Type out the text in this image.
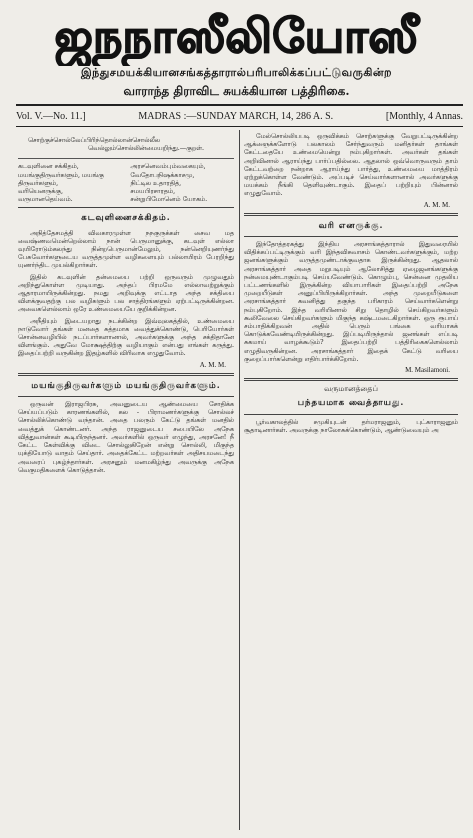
ஜநநாஸீலியோஸீ
இந்துசமயக்கியானசங்கத்தாரால்பரிபாலிக்கப்பட்டுவருகின்ற
வாராந்த திராவிட சுயக்கியான பத்திரிகை.
Vol. V.—No. 11.]	MADRAS :—SUNDAY MARCH, 14, 286 A. S.	[Monthly, 4 Annas.

சொற்குச்சொல்லேப்பிரிந்தொல்லான்சொல்லீல

வெல்லும்சொல்லின்மையறிந்து.—குறள்.

கடவுளினை சக்கிதம்,
மயங்குதிருவர்களும், மயங்கு
திருவர்களும்,
வரியெனருக்கு,
வருமானதெய்வம்.
அரசனெவம்பும்வகையும்,
வேதோபநிஷக்காசமு,
நிட்டில உதாரதித்,
சமயபிரசாரதம்,
சன்றுபிமோனெம் யோகம்.
கடவுளினைசக்கிதம்.

அநித்தேசமத்தி விவகாரமுள்ள நநகுருக்கள் சைவ மத வைஷ்ணவமென்றெல்லாம் நான் பெருமானுக்கு, கடவுள் எல்லா வுயிரோடும்கலந்து நின்றபெருமான்மேலும், நன்னெறியுணர்ந்து பேசுவோர்களுடைய வருத்தமுள்ள வழிகளையும் பல்லாயிரம் பேரறிந்து யுணர்ந்திட முயல்கிறார்கள்.

இதில் கடவுளின் தன்மையை பற்றி ஒருவரும் முழுவதும் அறிந்துகொள்ள முடியாது. அந்தப் பிரமமே எல்லாவற்றுக்கும் ஆதாரமாயிருக்கின்றது. நமது அறிவுக்கு எட்டாத அந்த சக்தியை விளக்குவதற்கு பல வழிகளும் பல சாத்திரங்களும் ஏற்பட்டிருக்கின்றன. அவைகளெல்லாம் ஒரே உண்மையையே குறிக்கின்றன.

அநீதியும் இடையறாது நடக்கின்ற இவ்வுலகத்தில், உண்மையை நாடுவோர் தங்கள் மனதை சுத்தமாக வைத்துக்கொண்டு, பெரியோர்கள் சொன்னவழியில் நடப்பார்களானால், அவர்களுக்கு அந்த சக்திதானே விளங்கும். அதுவே மோக்ஷத்திற்கு வழியாகும் என்பது எங்கள் கருத்து. இதைப்பற்றி வருகின்ற இதழ்களில் விரிவாக எழுதுவோம்.

A. M. M.
மயங்குதிருவர்களும் மயங்குதிருவர்களும்.

ஒருவன் இராஜபிரசு, அவனுடைய ஆண்மையை சோதிக்க செய்யப்படும் காரணங்களில், கல - பிராமணர்களுக்கு சொல்லச் சொல்லிக்கொண்டு வந்தான். அதை பலரும் கேட்டு தங்கள் மனதில் வைத்துக் கொண்டனர். அந்த ராஜனுடைய சபையிலே அநேக வித்துவான்கள் கூடியிருந்தனர். அவர்களில் ஒருவர் எழுந்து, அரசனே! நீ கேட்ட கேள்விக்கு விடை சொல்லுகிறேன் என்று சொல்லி, மிகுந்த யுக்தியோடு வாதம் செய்தார். அதைக்கேட்ட மற்றவர்கள் அதிசயமடைந்து அவரைப் புகழ்ந்தார்கள். அரசனும் மனமகிழ்ந்து அவருக்கு அநேக வெகுமதிகளைக் கொடுத்தான்.

மேல்சொல்லியபடி ஒருவிக்கம் சொற்களுக்கு வேறுபட்டிருக்கின்ற ஆக்ஞைக்களோடு பலகாலம் சேர்ந்துவரும் மனிதர்கள் தாங்கள் கேட்டதையே உண்மையென்று நம்புகிறார்கள். அவர்கள் தங்கள் அறிவினால் ஆராய்ந்து பார்ப்பதில்லை. ஆதலால் ஒவ்வொருவரும் தாம் கேட்டவற்றை நன்றாக ஆராய்ந்து பார்த்து, உண்மையை மாத்திரம் ஏற்றுக்கொள்ள வேண்டும். அப்படிச் செய்வார்களானால் அவர்களுக்கு மயக்கம் நீங்கி தெளிவுண்டாகும். இதைப் பற்றியும் பின்னால் எழுதுவோம்.

A. M. M.
வரி எனருக்கு.

இந்தோத்தரகத்து இந்திய அரசாங்கத்தாரால் இதுவரையில் விதிக்கப்பட்டிருக்கும் வரி இந்தவிசுவாசம் கொண்டவர்களுக்கும், மற்ற ஜனங்களுக்கும் வருத்தமுண்டாக்குவதாக இருக்கின்றது. ஆதலால் அரசாங்கத்தார் அதை மறுபடியும் ஆலோசித்து ஏழைஜனங்களுக்கு நன்மையுண்டாகும்படி செய்யவேண்டும். கொழும்பு, சென்னை முதலிய பட்டணங்களில் இருக்கின்ற வியாபாரிகள் இதைப்பற்றி அநேக முறையீடுகள் அனுப்பியிருக்கிறார்கள். அந்த முறையீடுகளை அரசாங்கத்தார் கவனித்து தகுந்த பரிகாரம் செய்வார்களென்று நம்புகிறோம். இந்த வரியினால் சிறு தொழில் செய்கிறவர்களும் கூலிவேலை செய்கிறவர்களும் மிகுந்த கஷ்டமடைகிறார்கள். ஒரு ரூபாய் சம்பாதிக்கிறவன் அதில் பெரும் பங்கை வரியாகக் கொடுக்கவேண்டியிருக்கின்றது. இப்படியிருந்தால் ஜனங்கள் எப்படி சுகமாய் வாழக்கூடும்? இதைப்பற்றி பத்திரிகைகளெல்லாம் எழுதிவருகின்றன. அரசாங்கத்தார் இதைக் கேட்டு வரியை குறைப்பார்களென்று எதிர்பார்க்கிறோம்.

M. Masilamoni.
வருமானத்தைப்
பந்தயமாக வைத்தாயது.

பூர்வகாலத்தில் சமுகியுடன் தர்மராஜனும், புட்காராஜனும் சூதாடினார்கள். அவருக்கு நாலோசுக்கொண்டும், ஆண்டுவையும் அ
